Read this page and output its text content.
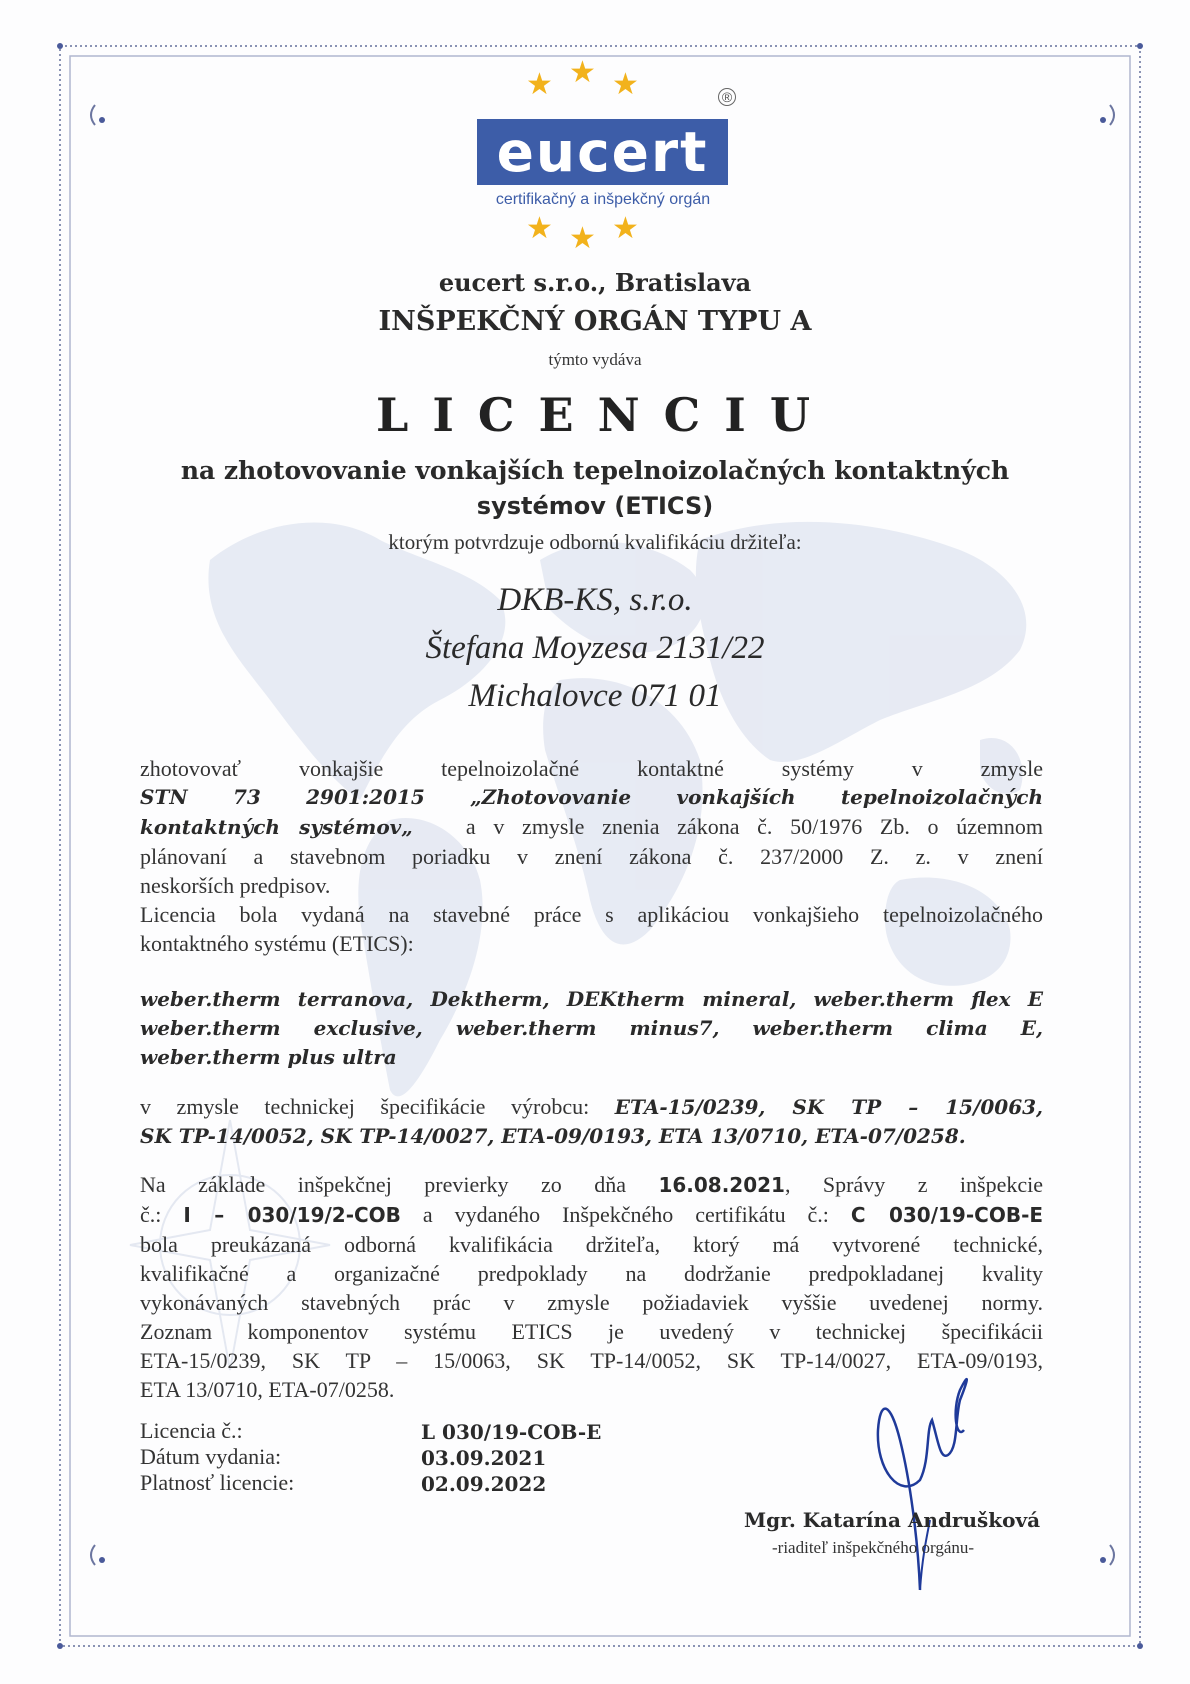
★ ★ ★	®
eucert
certifikačný a inšpekčný orgán
★ ★ ★
eucert s.r.o., Bratislava
INŠPEKČNÝ ORGÁN TYPU A
týmto vydáva
L I C E N C I U
na zhotovovanie vonkajších tepelnoizolačných kontaktných
systémov (ETICS)
ktorým potvrdzuje odbornú kvalifikáciu držiteľa:
DKB-KS, s.r.o.
Štefana Moyzesa 2131/22
Michalovce 071 01
zhotovovať vonkajšie tepelnoizolačné kontaktné systémy v zmysle
STN 73 2901:2015 „Zhotovovanie vonkajších tepelnoizolačných
kontaktných systémov„ a v zmysle znenia zákona č. 50/1976 Zb. o územnom
plánovaní a stavebnom poriadku v znení zákona č. 237/2000 Z. z. v znení
neskorších predpisov.
Licencia bola vydaná na stavebné práce s aplikáciou vonkajšieho tepelnoizolačného
kontaktného systému (ETICS):
weber.therm terranova, Dektherm, DEKtherm mineral, weber.therm flex E
weber.therm exclusive, weber.therm minus7, weber.therm clima E,
weber.therm plus ultra
v zmysle technickej špecifikácie výrobcu: ETA-15/0239, SK TP – 15/0063,
SK TP-14/0052, SK TP-14/0027, ETA-09/0193, ETA 13/0710, ETA-07/0258.
Na základe inšpekčnej previerky zo dňa 16.08.2021, Správy z inšpekcie
č.: I – 030/19/2-COB a vydaného Inšpekčného certifikátu č.: C 030/19-COB-E
bola preukázaná odborná kvalifikácia držiteľa, ktorý má vytvorené technické,
kvalifikačné a organizačné predpoklady na dodržanie predpokladanej kvality
vykonávaných stavebných prác v zmysle požiadaviek vyššie uvedenej normy.
Zoznam komponentov systému ETICS je uvedený v technickej špecifikácii
ETA-15/0239, SK TP – 15/0063, SK TP-14/0052, SK TP-14/0027, ETA-09/0193,
ETA 13/0710, ETA-07/0258.
Licencia č.:	L 030/19-COB-E
Dátum vydania:	03.09.2021
Platnosť licencie:	02.09.2022
Mgr. Katarína Andrušková
-riaditeľ inšpekčného orgánu-
